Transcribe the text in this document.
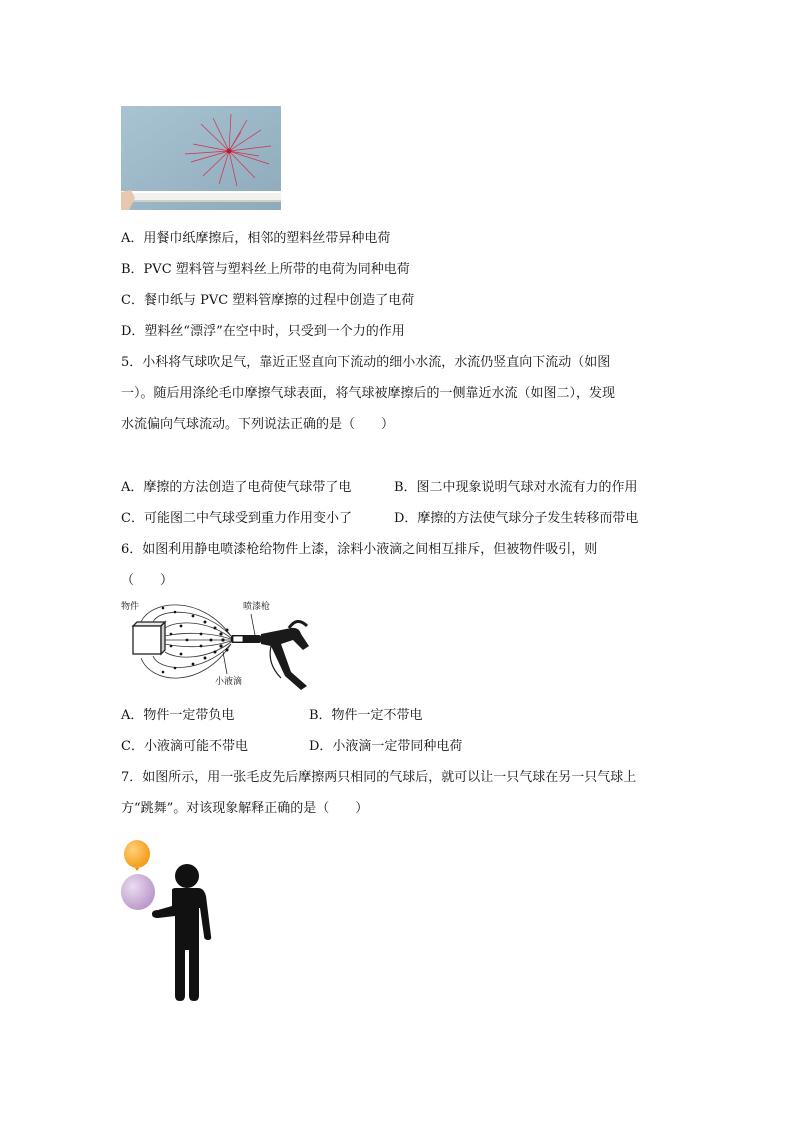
A．用餐巾纸摩擦后，相邻的塑料丝带异种电荷
B．PVC 塑料管与塑料丝上所带的电荷为同种电荷
C．餐巾纸与 PVC 塑料管摩擦的过程中创造了电荷
D．塑料丝“漂浮”在空中时，只受到一个力的作用
5．小科将气球吹足气，靠近正竖直向下流动的细小水流，水流仍竖直向下流动（如图
一）。随后用涤纶毛巾摩擦气球表面，将气球被摩擦后的一侧靠近水流（如图二），发现
水流偏向气球流动。下列说法正确的是（　　）
A．摩擦的方法创造了电荷使气球带了电	B．图二中现象说明气球对水流有力的作用
C．可能图二中气球受到重力作用变小了	D．摩擦的方法使气球分子发生转移而带电
6．如图利用静电喷漆枪给物件上漆，涂料小液滴之间相互排斥，但被物件吸引，则
（　　）
物件	喷漆枪
小液滴
A．物件一定带负电	B．物件一定不带电
C．小液滴可能不带电	D．小液滴一定带同种电荷
7．如图所示，用一张毛皮先后摩擦两只相同的气球后，就可以让一只气球在另一只气球上
方“跳舞”。对该现象解释正确的是（　　）
